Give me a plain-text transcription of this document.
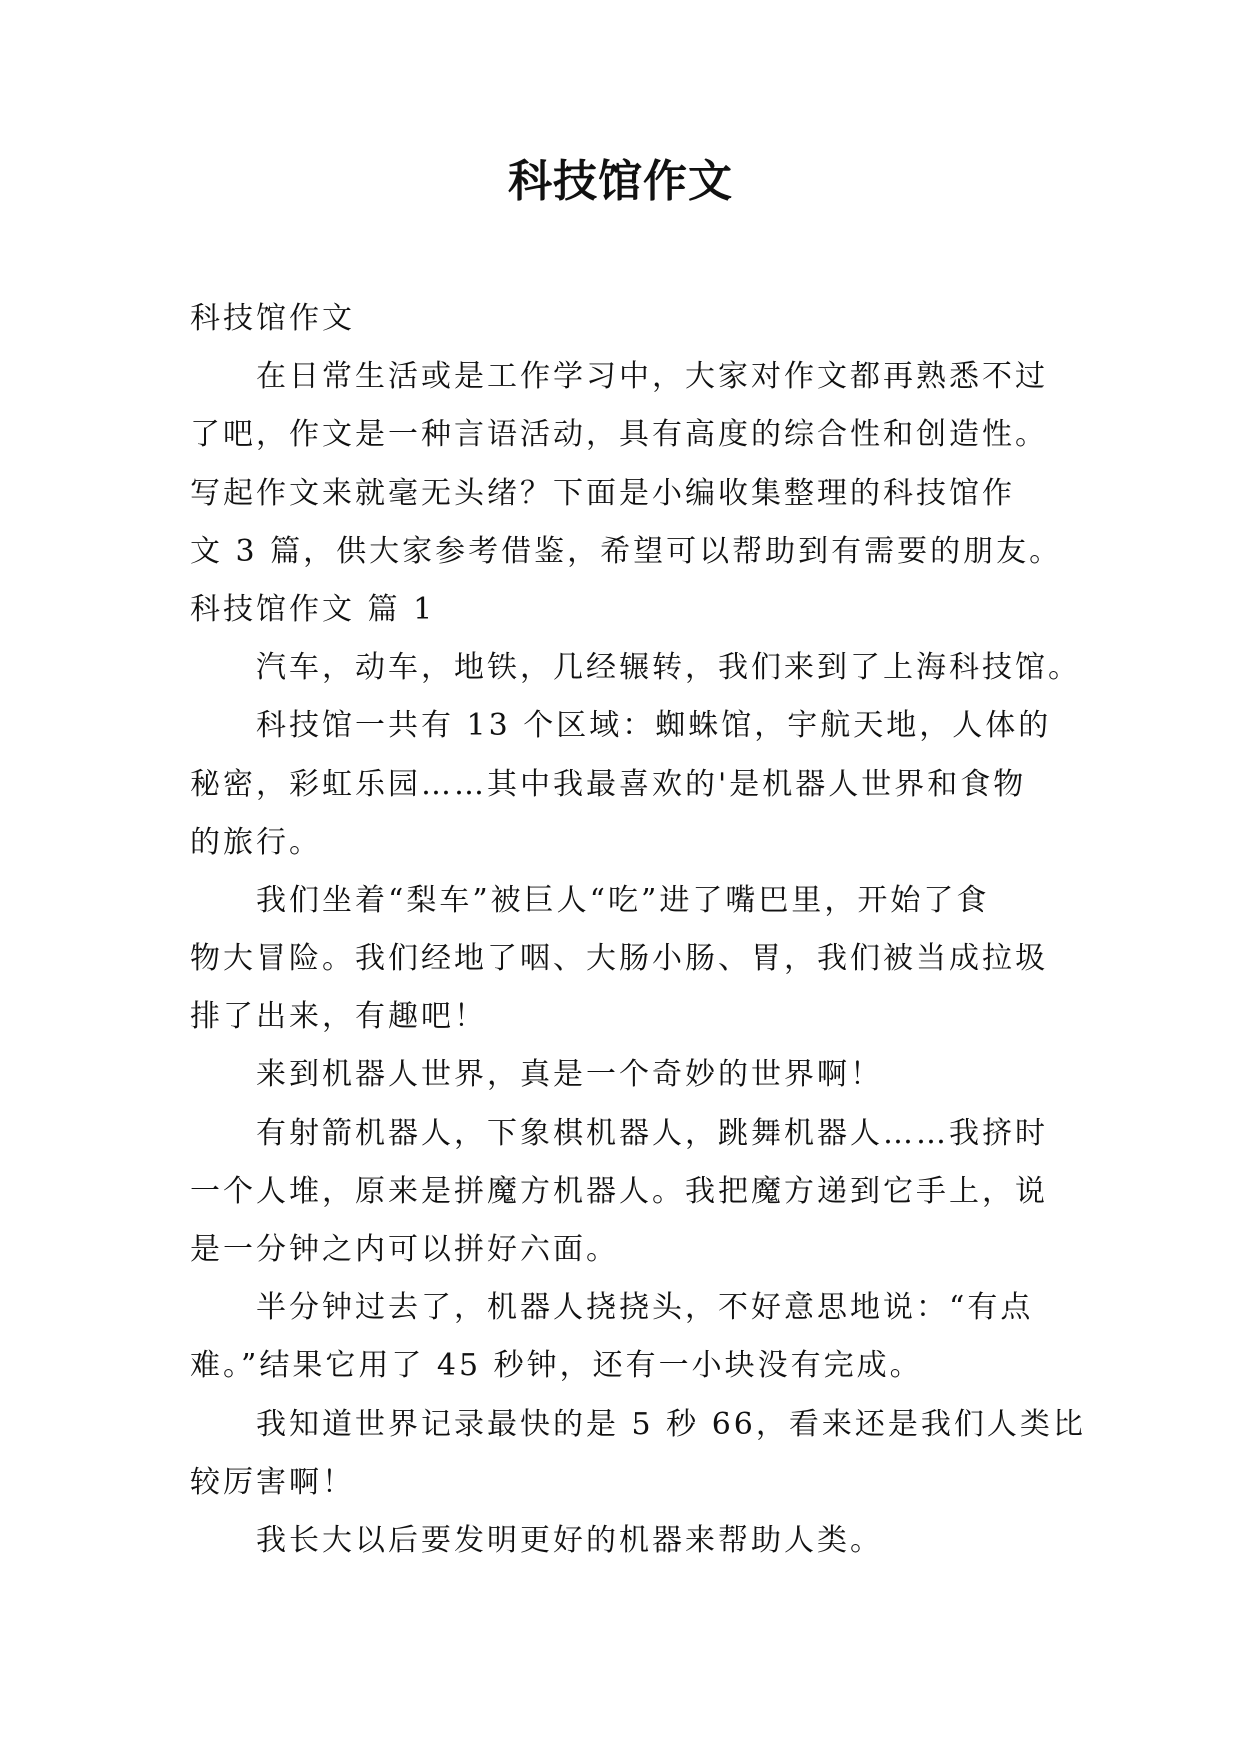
科技馆作文
科技馆作文
在日常生活或是工作学习中，大家对作文都再熟悉不过
了吧，作文是一种言语活动，具有高度的综合性和创造性。
写起作文来就毫无头绪？下面是小编收集整理的科技馆作
文 3 篇，供大家参考借鉴，希望可以帮助到有需要的朋友。
科技馆作文 篇 1
汽车，动车，地铁，几经辗转，我们来到了上海科技馆。
科技馆一共有 13 个区域：蜘蛛馆，宇航天地，人体的
秘密，彩虹乐园……其中我最喜欢的'是机器人世界和食物
的旅行。
我们坐着“梨车”被巨人“吃”进了嘴巴里，开始了食
物大冒险。我们经地了咽、大肠小肠、胃，我们被当成拉圾
排了出来，有趣吧！
来到机器人世界，真是一个奇妙的世界啊！
有射箭机器人，下象棋机器人，跳舞机器人……我挤时
一个人堆，原来是拼魔方机器人。我把魔方递到它手上，说
是一分钟之内可以拼好六面。
半分钟过去了，机器人挠挠头，不好意思地说：“有点
难。”结果它用了 45 秒钟，还有一小块没有完成。
我知道世界记录最快的是 5 秒 66，看来还是我们人类比
较厉害啊！
我长大以后要发明更好的机器来帮助人类。
